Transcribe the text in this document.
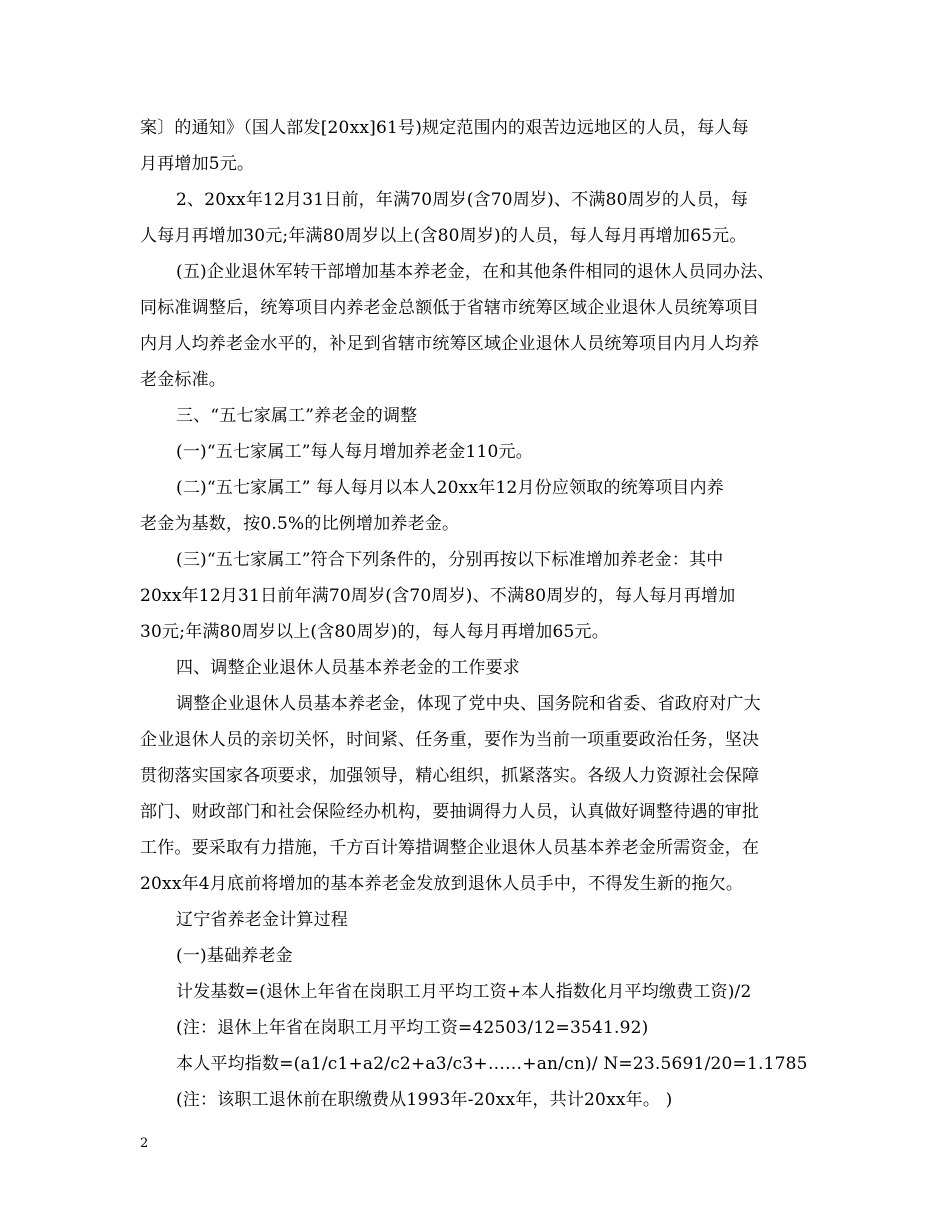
案〕的通知》（国人部发[20xx]61号)规定范围内的艰苦边远地区的人员，每人每
月再增加5元。
2、20xx年12月31日前，年满70周岁(含70周岁)、不满80周岁的人员，每
人每月再增加30元;年满80周岁以上(含80周岁)的人员，每人每月再增加65元。
(五)企业退休军转干部增加基本养老金，在和其他条件相同的退休人员同办法、
同标准调整后，统筹项目内养老金总额低于省辖市统筹区域企业退休人员统筹项目
内月人均养老金水平的，补足到省辖市统筹区域企业退休人员统筹项目内月人均养
老金标准。
三、“五七家属工”养老金的调整
(一)“五七家属工”每人每月增加养老金110元。
(二)“五七家属工” 每人每月以本人20xx年12月份应领取的统筹项目内养
老金为基数，按0.5%的比例增加养老金。
(三)“五七家属工”符合下列条件的，分别再按以下标准增加养老金：其中
20xx年12月31日前年满70周岁(含70周岁)、不满80周岁的，每人每月再增加
30元;年满80周岁以上(含80周岁)的，每人每月再增加65元。
四、调整企业退休人员基本养老金的工作要求
调整企业退休人员基本养老金，体现了党中央、国务院和省委、省政府对广大
企业退休人员的亲切关怀，时间紧、任务重，要作为当前一项重要政治任务，坚决
贯彻落实国家各项要求，加强领导，精心组织，抓紧落实。各级人力资源社会保障
部门、财政部门和社会保险经办机构，要抽调得力人员，认真做好调整待遇的审批
工作。要采取有力措施，千方百计筹措调整企业退休人员基本养老金所需资金，在
20xx年4月底前将增加的基本养老金发放到退休人员手中，不得发生新的拖欠。
辽宁省养老金计算过程
(一)基础养老金
计发基数=(退休上年省在岗职工月平均工资+本人指数化月平均缴费工资)/2
(注：退休上年省在岗职工月平均工资=42503/12=3541.92)
本人平均指数=(a1/c1+a2/c2+a3/c3+……+an/cn)/ N=23.5691/20=1.1785
(注：该职工退休前在职缴费从1993年-20xx年，共计20xx年。 )
2
